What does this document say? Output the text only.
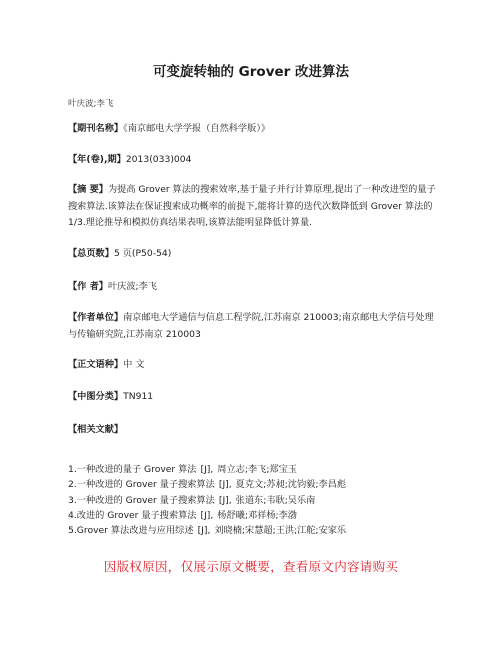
可变旋转轴的 Grover 改进算法
叶庆波;李飞
【期刊名称】《南京邮电大学学报（自然科学版）》
【年(卷),期】2013(033)004
【摘 要】为提高 Grover 算法的搜索效率,基于量子并行计算原理,提出了一种改进型的量子搜索算法.该算法在保证搜索成功概率的前提下,能将计算的迭代次数降低到 Grover 算法的 1/3.理论推导和模拟仿真结果表明,该算法能明显降低计算量.
【总页数】5 页(P50-54)
【作 者】叶庆波;李飞
【作者单位】南京邮电大学通信与信息工程学院,江苏南京 210003;南京邮电大学信号处理与传输研究院,江苏南京 210003
【正文语种】中 文
【中图分类】TN911
【相关文献】
1.一种改进的量子 Grover 算法 [J], 周立志;李飞;郑宝玉
2.一种改进的 Grover 量子搜索算法 [J], 夏克文;苏昶;沈钧毅;李昌彪
3.一种改进的 Grover 量子搜索算法 [J], 张道东;韦耿;吴乐南
4.改进的 Grover 量子搜索算法 [J], 杨舒曦;邓祥杨;李渤
5.Grover 算法改进与应用综述 [J], 刘晓楠;宋慧超;王洪;江舵;安家乐
因版权原因，仅展示原文概要，查看原文内容请购买
